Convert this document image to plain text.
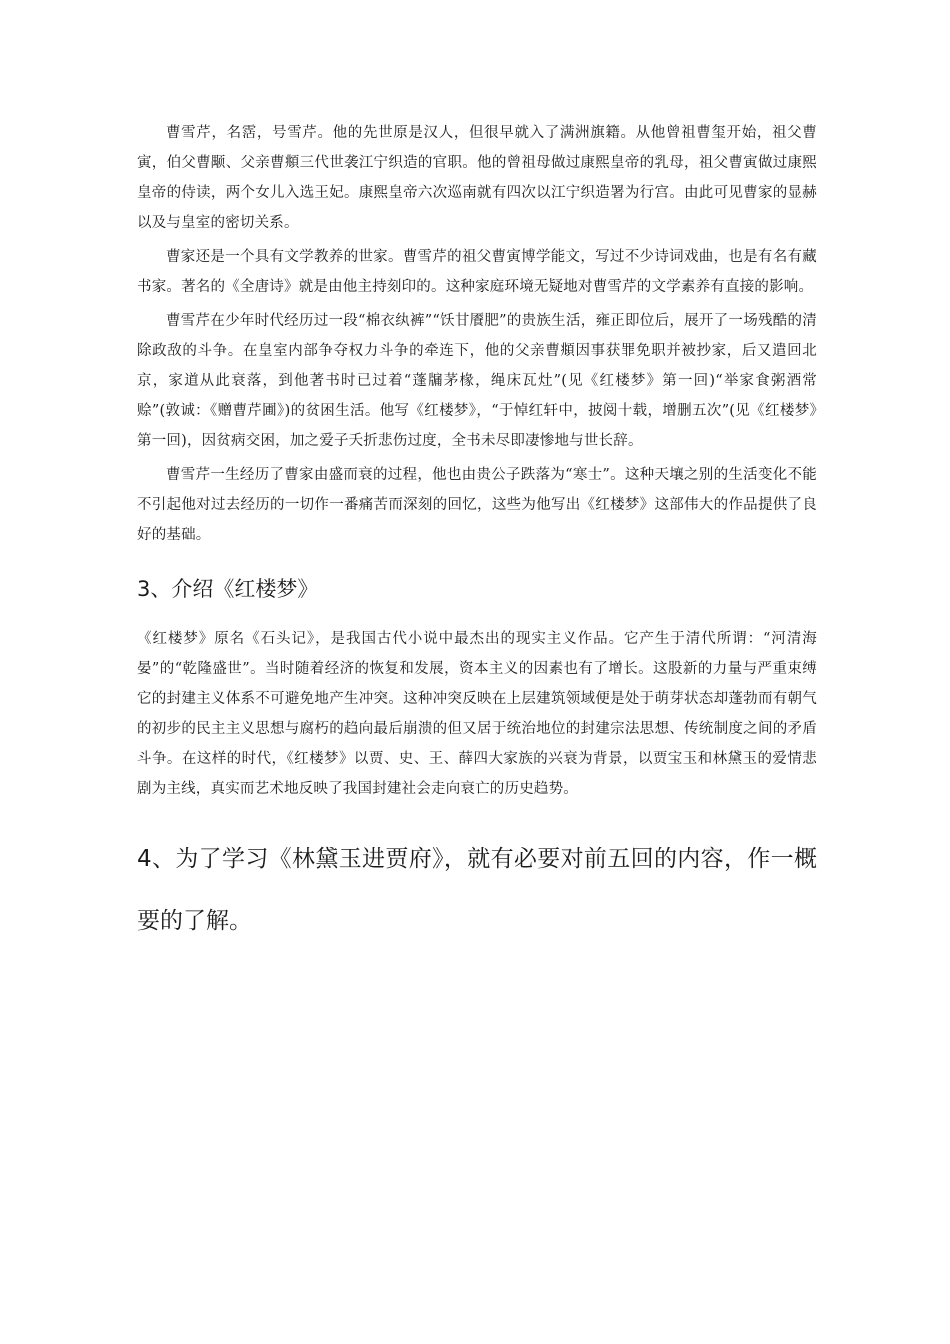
曹雪芹，名霑，号雪芹。他的先世原是汉人，但很早就入了满洲旗籍。从他曾祖曹玺开始，祖父曹寅，伯父曹颙、父亲曹頫三代世袭江宁织造的官职。他的曾祖母做过康熙皇帝的乳母，祖父曹寅做过康熙皇帝的侍读，两个女儿入选王妃。康熙皇帝六次巡南就有四次以江宁织造署为行宫。由此可见曹家的显赫以及与皇室的密切关系。

曹家还是一个具有文学教养的世家。曹雪芹的祖父曹寅博学能文，写过不少诗词戏曲，也是有名有藏书家。著名的《全唐诗》就是由他主持刻印的。这种家庭环境无疑地对曹雪芹的文学素养有直接的影响。

曹雪芹在少年时代经历过一段“棉衣纨裤”“饫甘餍肥”的贵族生活，雍正即位后，展开了一场残酷的清除政敌的斗争。在皇室内部争夺权力斗争的牵连下，他的父亲曹頫因事获罪免职并被抄家，后又遣回北京，家道从此衰落，到他著书时已过着“蓬牖茅椽，绳床瓦灶”(见《红楼梦》第一回)“举家食粥酒常赊”(敦诚：《赠曹芹圃》)的贫困生活。他写《红楼梦》，“于悼红轩中，披阅十载，增删五次”(见《红楼梦》第一回)，因贫病交困，加之爱子夭折悲伤过度，全书未尽即凄惨地与世长辞。

曹雪芹一生经历了曹家由盛而衰的过程，他也由贵公子跌落为“寒士”。这种天壤之别的生活变化不能不引起他对过去经历的一切作一番痛苦而深刻的回忆，这些为他写出《红楼梦》这部伟大的作品提供了良好的基础。

3、介绍《红楼梦》

《红楼梦》原名《石头记》，是我国古代小说中最杰出的现实主义作品。它产生于清代所谓：“河清海晏”的“乾隆盛世”。当时随着经济的恢复和发展，资本主义的因素也有了增长。这股新的力量与严重束缚它的封建主义体系不可避免地产生冲突。这种冲突反映在上层建筑领域便是处于萌芽状态却蓬勃而有朝气的初步的民主主义思想与腐朽的趋向最后崩溃的但又居于统治地位的封建宗法思想、传统制度之间的矛盾斗争。在这样的时代，《红楼梦》以贾、史、王、薛四大家族的兴衰为背景，以贾宝玉和林黛玉的爱情悲剧为主线，真实而艺术地反映了我国封建社会走向衰亡的历史趋势。

4、为了学习《林黛玉进贾府》，就有必要对前五回的内容，作一概要的了解。
